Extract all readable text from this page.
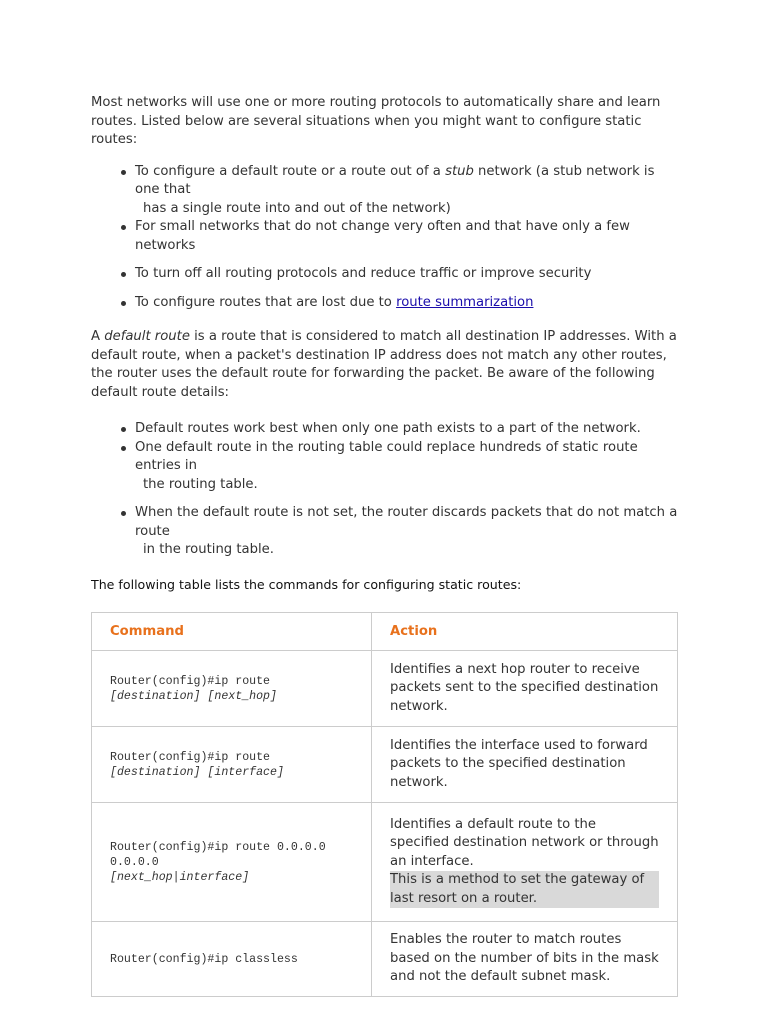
Most networks will use one or more routing protocols to automatically share and learn routes. Listed below are several situations when you might want to configure static routes:

To configure a default route or a route out of a stub network (a stub network is one that
has a single route into and out of the network)
For small networks that do not change very often and that have only a few networks
To turn off all routing protocols and reduce traffic or improve security
To configure routes that are lost due to route summarization

A default route is a route that is considered to match all destination IP addresses. With a default route, when a packet's destination IP address does not match any other routes, the router uses the default route for forwarding the packet. Be aware of the following default route details:

Default routes work best when only one path exists to a part of the network.
One default route in the routing table could replace hundreds of static route entries in
the routing table.
When the default route is not set, the router discards packets that do not match a route
in the routing table.

The following table lists the commands for configuring static routes:

Command	Action
Router(config)#ip route
[destination] [next_hop]	Identifies a next hop router to receive packets sent to the specified destination network.
Router(config)#ip route
[destination] [interface]	Identifies the interface used to forward packets to the specified destination network.
Router(config)#ip route 0.0.0.0
0.0.0.0
[next_hop|interface]	Identifies a default route to the specified destination network or through an interface.
This is a method to set the gateway of last resort on a router.

Router(config)#ip classless	Enables the router to match routes based on the number of bits in the mask and not the default subnet mask.
